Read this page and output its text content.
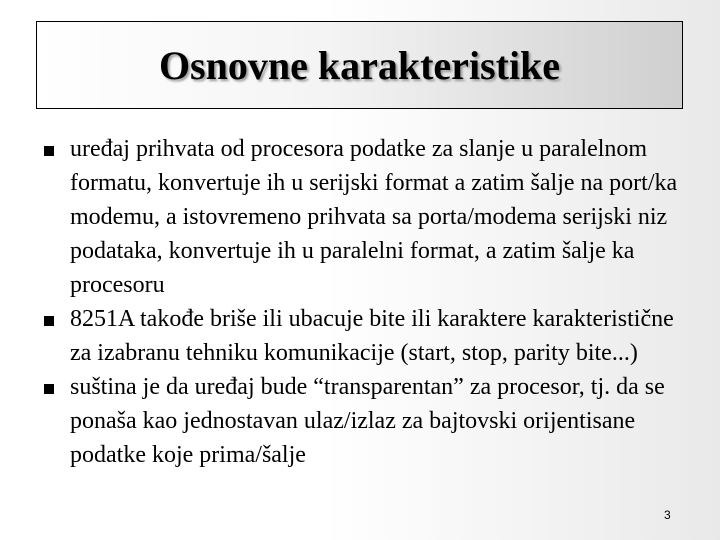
Osnovne karakteristike
uređaj prihvata od procesora podatke za slanje u paralelnom formatu, konvertuje ih u serijski format a zatim šalje na port/ka modemu, a istovremeno prihvata sa porta/modema serijski niz podataka, konvertuje ih u paralelni format, a zatim šalje ka procesoru
8251A takođe briše ili ubacuje bite ili karaktere karakteristične za izabranu tehniku komunikacije (start, stop, parity bite...)
suština je da uređaj bude “transparentan” za procesor, tj. da se ponaša kao jednostavan ulaz/izlaz za bajtovski orijentisane podatke koje prima/šalje
3
